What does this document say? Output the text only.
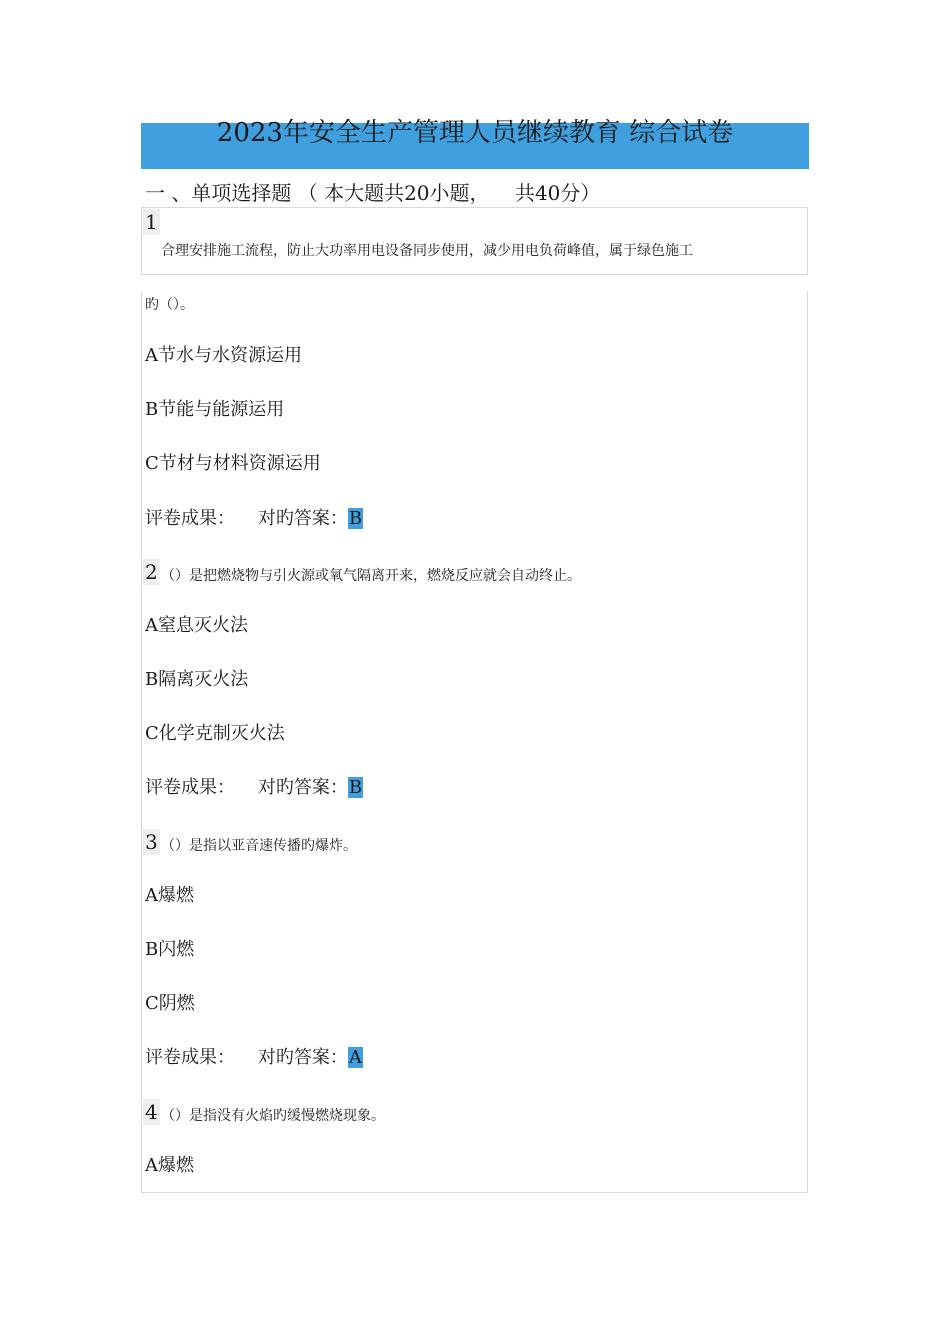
2023年安全生产管理人员继续教育 综合试卷
一 、单项选择题 （ 本大题共20小题，    共40分）
1
合理安排施工流程，防止大功率用电设备同步使用，减少用电负荷峰值，属于绿色施工
旳（）。
A节水与水资源运用
B节能与能源运用
C节材与材料资源运用
评卷成果：    对旳答案：B
2 （）是把燃烧物与引火源或氧气隔离开来，燃烧反应就会自动终止。
A窒息灭火法
B隔离灭火法
C化学克制灭火法
评卷成果：    对旳答案：B
3 （）是指以亚音速传播旳爆炸。
A爆燃
B闪燃
C阴燃
评卷成果：    对旳答案：A
4 （）是指没有火焰旳缓慢燃烧现象。
A爆燃
